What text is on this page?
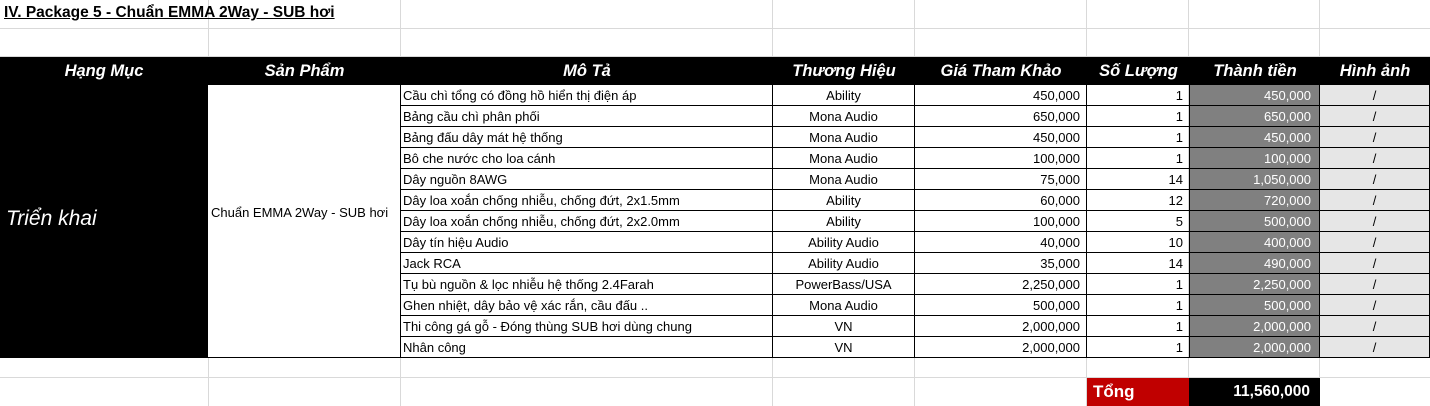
IV. Package 5 - Chuẩn EMMA 2Way - SUB hơi
Hạng Mục	Sản Phẩm	Mô Tả	Thương Hiệu	Giá Tham Khảo	Số Lượng	Thành tiền	Hình ảnh
Triển khai	Chuẩn EMMA 2Way - SUB hơi
Cầu chì tổng có đồng hồ hiển thị điện áp	Ability	450,000	1	450,000	/
Bảng cầu chì phân phối	Mona Audio	650,000	1	650,000	/
Bảng đấu dây mát hệ thống	Mona Audio	450,000	1	450,000	/
Bô che nước cho loa cánh	Mona Audio	100,000	1	100,000	/
Dây nguồn 8AWG	Mona Audio	75,000	14	1,050,000	/
Dây loa xoắn chống nhiễu, chống đứt, 2x1.5mm	Ability	60,000	12	720,000	/
Dây loa xoắn chống nhiễu, chống đứt, 2x2.0mm	Ability	100,000	5	500,000	/
Dây tín hiệu Audio	Ability Audio	40,000	10	400,000	/
Jack RCA	Ability Audio	35,000	14	490,000	/
Tụ bù nguồn & lọc nhiễu hệ thống 2.4Farah	PowerBass/USA	2,250,000	1	2,250,000	/
Ghen nhiệt, dây bảo vệ xác rắn, cầu đấu ..	Mona Audio	500,000	1	500,000	/
Thi công gá gỗ - Đóng thùng SUB hơi dùng chung	VN	2,000,000	1	2,000,000	/
Nhân công	VN	2,000,000	1	2,000,000	/
Tổng	11,560,000
